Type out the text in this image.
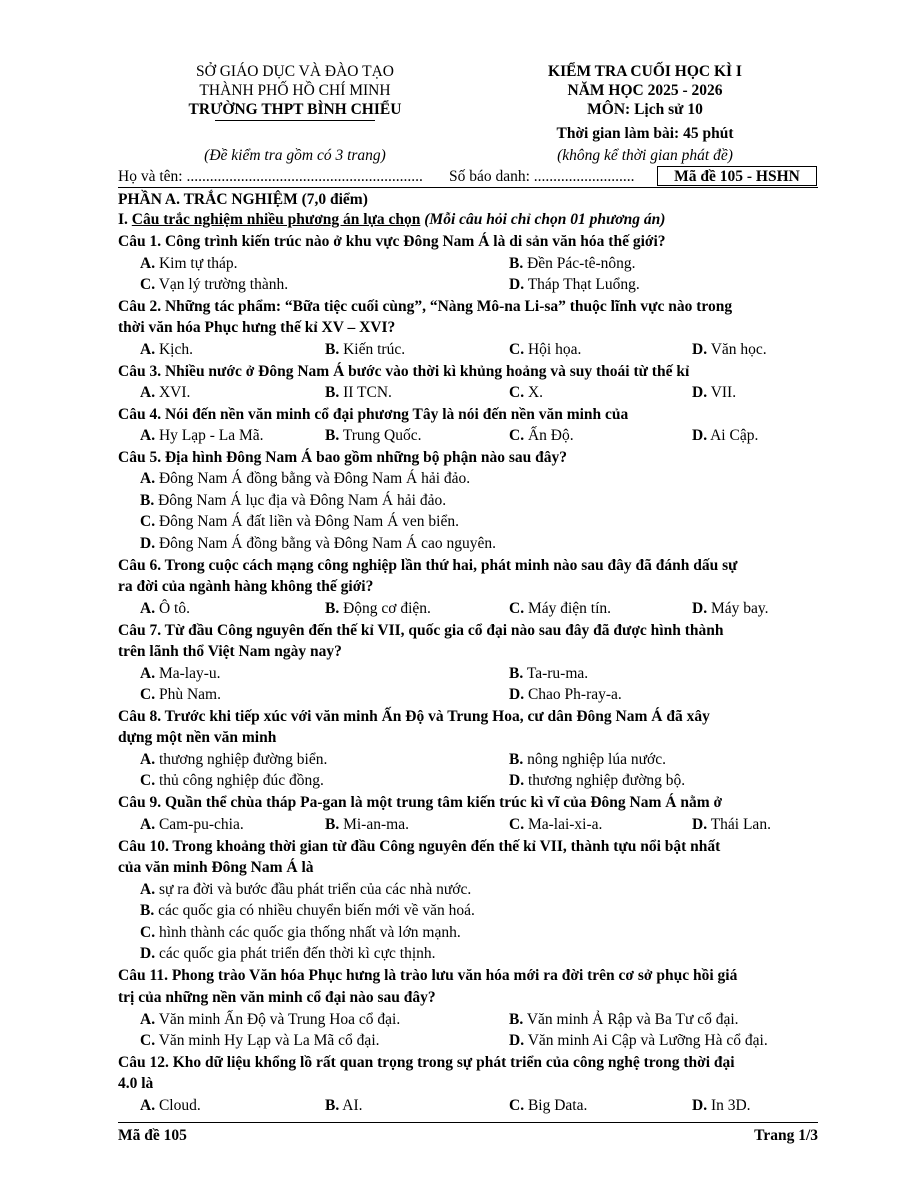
SỞ GIÁO DỤC VÀ ĐÀO TẠO
THÀNH PHỐ HỒ CHÍ MINH
TRƯỜNG THPT BÌNH CHIỂU
(Đề kiểm tra gồm có 3 trang)
KIỂM TRA CUỐI HỌC KÌ I
NĂM HỌC 2025 - 2026
MÔN: Lịch sử 10
Thời gian làm bài: 45 phút
(không kể thời gian phát đề)
Họ và tên: ............................................................. Số báo danh: ..........................	Mã đề 105 - HSHN
PHẦN A. TRẮC NGHIỆM (7,0 điểm)
I. Câu trắc nghiệm nhiều phương án lựa chọn (Mỗi câu hỏi chỉ chọn 01 phương án)
Câu 1. Công trình kiến trúc nào ở khu vực Đông Nam Á là di sản văn hóa thế giới?
A. Kim tự tháp.	B. Đền Pác-tê-nông.
C. Vạn lý trường thành.	D. Tháp Thạt Luổng.
Câu 2. Những tác phẩm: “Bữa tiệc cuối cùng”, “Nàng Mô-na Li-sa” thuộc lĩnh vực nào trong
thời văn hóa Phục hưng thế kỉ XV – XVI?
A. Kịch.	B. Kiến trúc.	C. Hội họa.	D. Văn học.
Câu 3. Nhiều nước ở Đông Nam Á bước vào thời kì khủng hoảng và suy thoái từ thế kỉ
A. XVI.	B. II TCN.	C. X.	D. VII.
Câu 4. Nói đến nền văn minh cổ đại phương Tây là nói đến nền văn minh của
A. Hy Lạp - La Mã.	B. Trung Quốc.	C. Ấn Độ.	D. Ai Cập.
Câu 5. Địa hình Đông Nam Á bao gồm những bộ phận nào sau đây?
A. Đông Nam Á đồng bằng và Đông Nam Á hải đảo.
B. Đông Nam Á lục địa và Đông Nam Á hải đảo.
C. Đông Nam Á đất liền và Đông Nam Á ven biển.
D. Đông Nam Á đồng bằng và Đông Nam Á cao nguyên.
Câu 6. Trong cuộc cách mạng công nghiệp lần thứ hai, phát minh nào sau đây đã đánh dấu sự
ra đời của ngành hàng không thế giới?
A. Ô tô.	B. Động cơ điện.	C. Máy điện tín.	D. Máy bay.
Câu 7. Từ đầu Công nguyên đến thế kỉ VII, quốc gia cổ đại nào sau đây đã được hình thành
trên lãnh thổ Việt Nam ngày nay?
A. Ma-lay-u.	B. Ta-ru-ma.
C. Phù Nam.	D. Chao Ph-ray-a.
Câu 8. Trước khi tiếp xúc với văn minh Ấn Độ và Trung Hoa, cư dân Đông Nam Á đã xây
dựng một nền văn minh
A. thương nghiệp đường biển.	B. nông nghiệp lúa nước.
C. thủ công nghiệp đúc đồng.	D. thương nghiệp đường bộ.
Câu 9. Quần thể chùa tháp Pa-gan là một trung tâm kiến trúc kì vĩ của Đông Nam Á nằm ở
A. Cam-pu-chia.	B. Mi-an-ma.	C. Ma-lai-xi-a.	D. Thái Lan.
Câu 10. Trong khoảng thời gian từ đầu Công nguyên đến thế kỉ VII, thành tựu nổi bật nhất
của văn minh Đông Nam Á là
A. sự ra đời và bước đầu phát triển của các nhà nước.
B. các quốc gia có nhiều chuyển biến mới về văn hoá.
C. hình thành các quốc gia thống nhất và lớn mạnh.
D. các quốc gia phát triển đến thời kì cực thịnh.
Câu 11. Phong trào Văn hóa Phục hưng là trào lưu văn hóa mới ra đời trên cơ sở phục hồi giá
trị của những nền văn minh cổ đại nào sau đây?
A. Văn minh Ấn Độ và Trung Hoa cổ đại.	B. Văn minh Ả Rập và Ba Tư cổ đại.
C. Văn minh Hy Lạp và La Mã cổ đại.	D. Văn minh Ai Cập và Lưỡng Hà cổ đại.
Câu 12. Kho dữ liệu khổng lồ rất quan trọng trong sự phát triển của công nghệ trong thời đại
4.0 là
A. Cloud.	B. AI.	C. Big Data.	D. In 3D.
Mã đề 105	Trang 1/3
